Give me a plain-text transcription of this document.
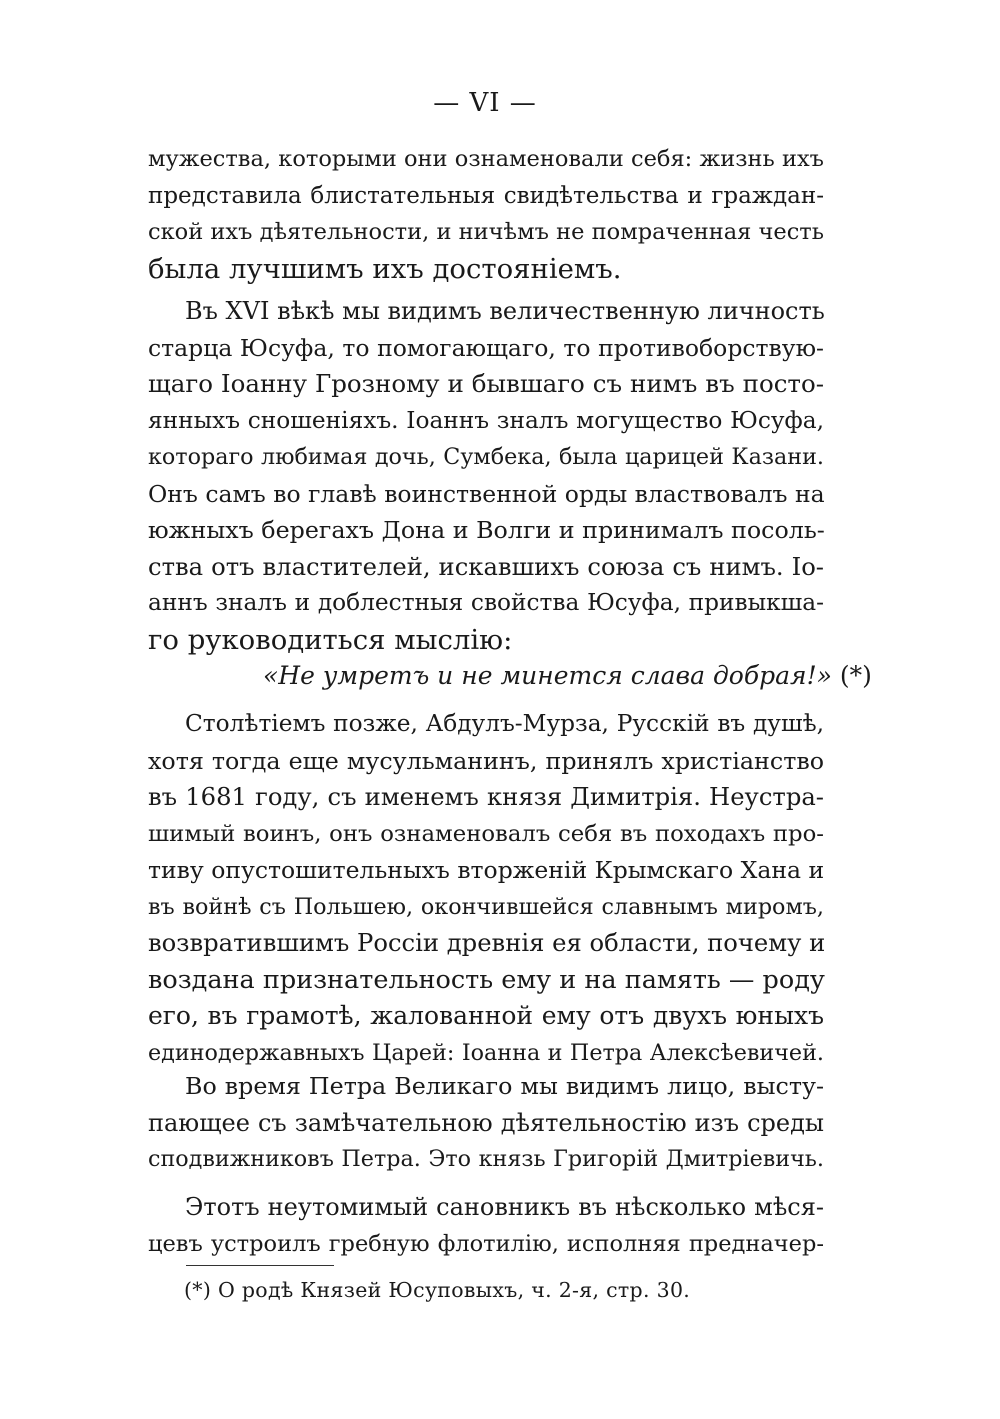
— VI —
мужества, которыми они ознаменовали себя: жизнь ихъ
представила блистательныя свидѣтельства и граждан-
ской ихъ дѣятельности, и ничѣмъ не помраченная честь
была лучшимъ ихъ достояніемъ.
Въ XVI вѣкѣ мы видимъ величественную личность
старца Юсуфа, то помогающаго, то противоборствую-
щаго Іоанну Грозному и бывшаго съ нимъ въ посто-
янныхъ сношеніяхъ. Іоаннъ зналъ могущество Юсуфа,
котораго любимая дочь, Сумбека, была царицей Казани.
Онъ самъ во главѣ воинственной орды властвовалъ на
южныхъ берегахъ Дона и Волги и принималъ посоль-
ства отъ властителей, искавшихъ союза съ нимъ. Іо-
аннъ зналъ и доблестныя свойства Юсуфа, привыкша-
го руководиться мыслію:
«Не умретъ и не минется слава добрая!» (*)
Столѣтіемъ позже, Абдулъ-Мурза, Русскій въ душѣ,
хотя тогда еще мусульманинъ, принялъ христіанство
въ 1681 году, съ именемъ князя Димитрія. Неустра-
шимый воинъ, онъ ознаменовалъ себя въ походахъ про-
тиву опустошительныхъ вторженій Крымскаго Хана и
въ войнѣ съ Польшею, окончившейся славнымъ миромъ,
возвратившимъ Россіи древнія ея области, почему и
воздана признательность ему и на память — роду
его, въ грамотѣ, жалованной ему отъ двухъ юныхъ
единодержавныхъ Царей: Іоанна и Петра Алексѣевичей.
Во время Петра Великаго мы видимъ лицо, высту-
пающее съ замѣчательною дѣятельностію изъ среды
сподвижниковъ Петра. Это князь Григорій Дмитріевичь.
Этотъ неутомимый сановникъ въ нѣсколько мѣся-
цевъ устроилъ гребную флотилію, исполняя предначер-
(*) О родѣ Князей Юсуповыхъ, ч. 2-я, стр. 30.
